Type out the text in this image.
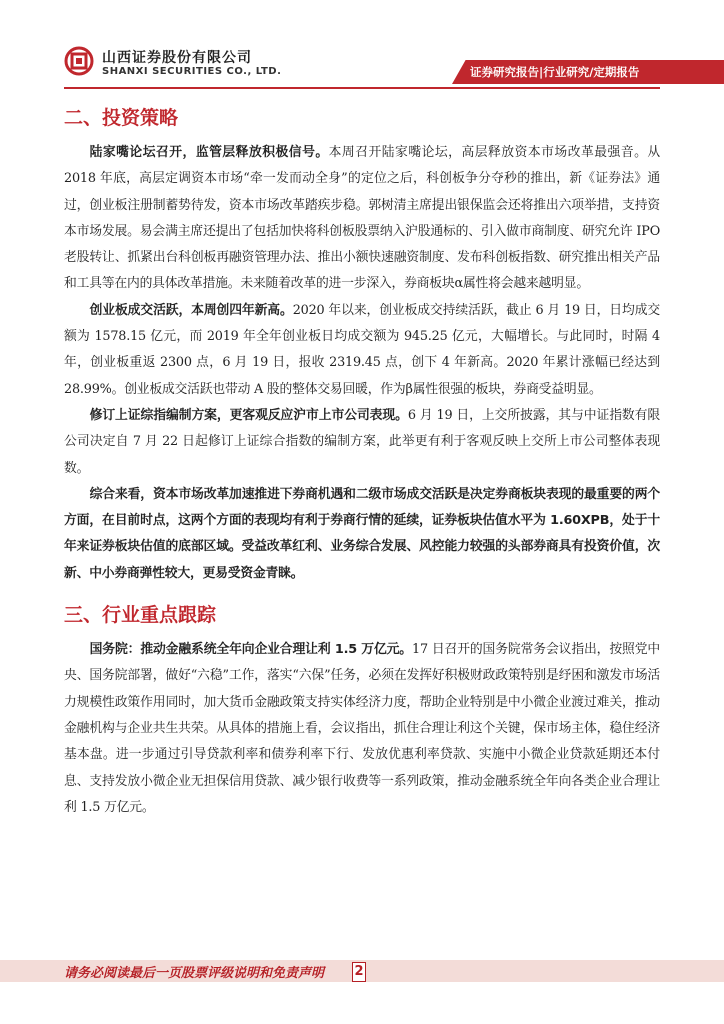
山西证券股份有限公司
SHANXI SECURITIES CO., LTD.	证券研究报告|行业研究/定期报告
二、投资策略

陆家嘴论坛召开，监管层释放积极信号。本周召开陆家嘴论坛，高层释放资本市场改革最强音。从 2018 年底，高层定调资本市场“牵一发而动全身”的定位之后，科创板争分夺秒的推出，新《证券法》通过，创业板注册制蓄势待发，资本市场改革踏疾步稳。郭树清主席提出银保监会还将推出六项举措，支持资本市场发展。易会满主席还提出了包括加快将科创板股票纳入沪股通标的、引入做市商制度、研究允许 IPO 老股转让、抓紧出台科创板再融资管理办法、推出小额快速融资制度、发布科创板指数、研究推出相关产品和工具等在内的具体改革措施。未来随着改革的进一步深入，券商板块α属性将会越来越明显。

创业板成交活跃，本周创四年新高。2020 年以来，创业板成交持续活跃，截止 6 月 19 日，日均成交额为 1578.15 亿元，而 2019 年全年创业板日均成交额为 945.25 亿元，大幅增长。与此同时，时隔 4 年，创业板重返 2300 点，6 月 19 日，报收 2319.45 点，创下 4 年新高。2020 年累计涨幅已经达到 28.99%。创业板成交活跃也带动 A 股的整体交易回暖，作为β属性很强的板块，券商受益明显。

修订上证综指编制方案，更客观反应沪市上市公司表现。6 月 19 日，上交所披露，其与中证指数有限公司决定自 7 月 22 日起修订上证综合指数的编制方案，此举更有利于客观反映上交所上市公司整体表现数。

综合来看，资本市场改革加速推进下券商机遇和二级市场成交活跃是决定券商板块表现的最重要的两个方面，在目前时点，这两个方面的表现均有利于券商行情的延续，证券板块估值水平为 1.60XPB，处于十年来证券板块估值的底部区域。受益改革红利、业务综合发展、风控能力较强的头部券商具有投资价值，次新、中小券商弹性较大，更易受资金青睐。

三、行业重点跟踪

国务院：推动金融系统全年向企业合理让利 1.5 万亿元。17 日召开的国务院常务会议指出，按照党中央、国务院部署，做好“六稳”工作，落实“六保”任务，必须在发挥好积极财政政策特别是纾困和激发市场活力规模性政策作用同时，加大货币金融政策支持实体经济力度，帮助企业特别是中小微企业渡过难关，推动金融机构与企业共生共荣。从具体的措施上看，会议指出，抓住合理让利这个关键，保市场主体，稳住经济基本盘。进一步通过引导贷款利率和债券利率下行、发放优惠利率贷款、实施中小微企业贷款延期还本付息、支持发放小微企业无担保信用贷款、减少银行收费等一系列政策，推动金融系统全年向各类企业合理让利 1.5 万亿元。

请务必阅读最后一页股票评级说明和免责声明 2
